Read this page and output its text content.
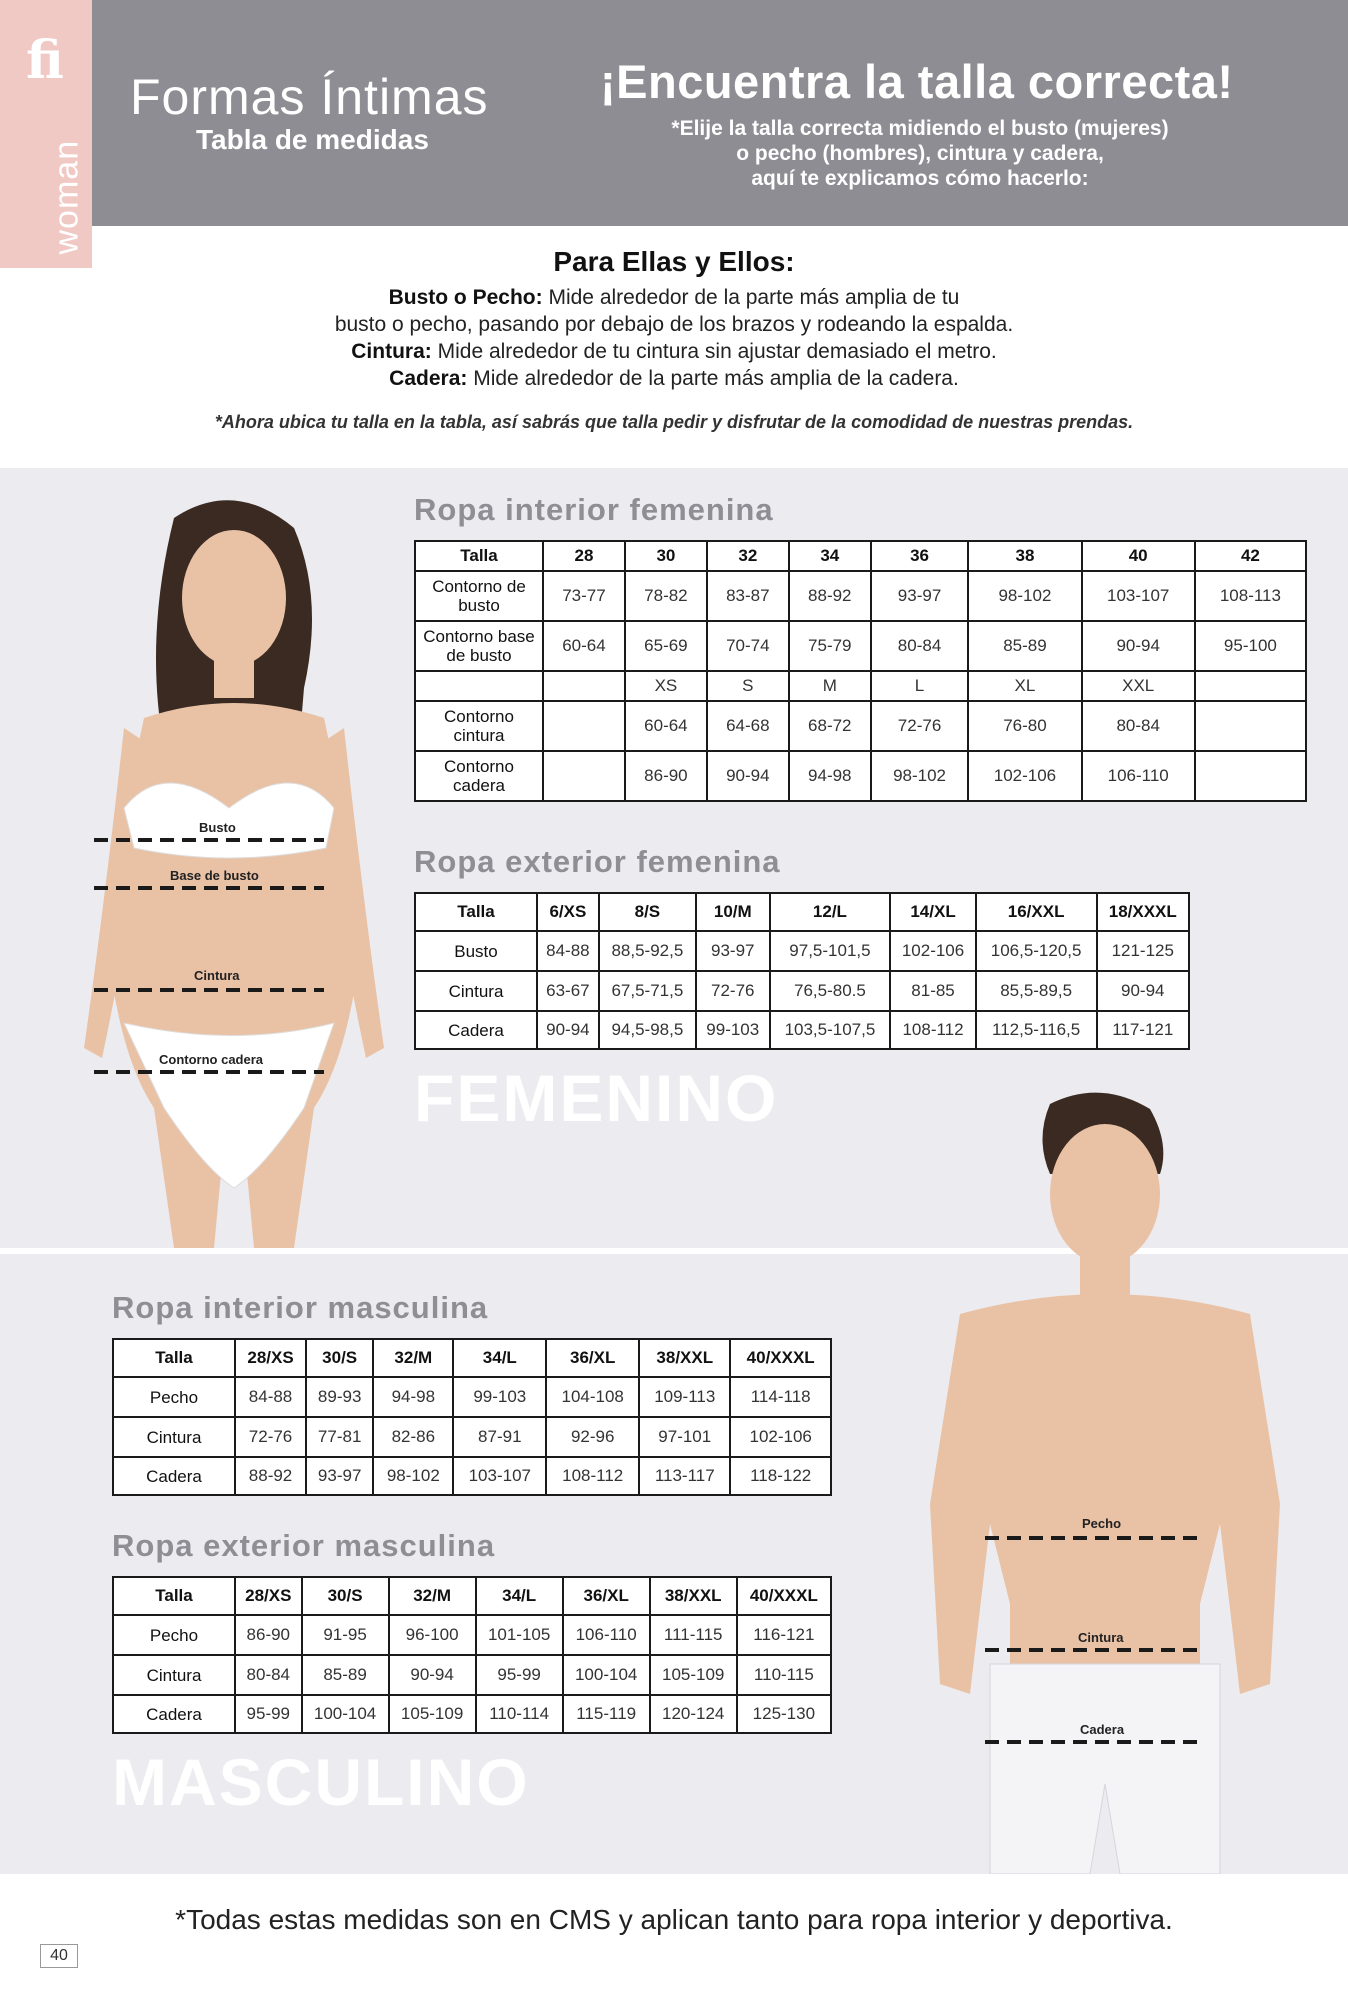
fi
woman
Formas Íntimas
Tabla de medidas
¡Encuentra la talla correcta!
*Elije la talla correcta midiendo el busto (mujeres)
o pecho (hombres), cintura y cadera,
aquí te explicamos cómo hacerlo:
Para Ellas y Ellos:
Busto o Pecho: Mide alrededor de la parte más amplia de tu
busto o pecho, pasando por debajo de los brazos y rodeando la espalda.
Cintura: Mide alrededor de tu cintura sin ajustar demasiado el metro.
Cadera: Mide alrededor de la parte más amplia de la cadera.
*Ahora ubica tu talla en la tabla, así sabrás que talla pedir y disfrutar de la comodidad de nuestras prendas.
Busto
Base de busto
Cintura
Contorno cadera
Ropa interior femenina
Talla	28	30	32	34	36	38	40	42
Contorno de busto	73-77	78-82	83-87	88-92	93-97	98-102	103-107	108-113
Contorno base de busto	60-64	65-69	70-74	75-79	80-84	85-89	90-94	95-100
		XS	S	M	L	XL	XXL	
Contorno cintura		60-64	64-68	68-72	72-76	76-80	80-84	
Contorno cadera		86-90	90-94	94-98	98-102	102-106	106-110	
Ropa exterior femenina
Talla	6/XS	8/S	10/M	12/L	14/XL	16/XXL	18/XXXL
Busto	84-88	88,5-92,5	93-97	97,5-101,5	102-106	106,5-120,5	121-125
Cintura	63-67	67,5-71,5	72-76	76,5-80.5	81-85	85,5-89,5	90-94
Cadera	90-94	94,5-98,5	99-103	103,5-107,5	108-112	112,5-116,5	117-121
FEMENINO
Ropa interior masculina
Talla	28/XS	30/S	32/M	34/L	36/XL	38/XXL	40/XXXL
Pecho	84-88	89-93	94-98	99-103	104-108	109-113	114-118
Cintura	72-76	77-81	82-86	87-91	92-96	97-101	102-106
Cadera	88-92	93-97	98-102	103-107	108-112	113-117	118-122
Ropa exterior masculina
Talla	28/XS	30/S	32/M	34/L	36/XL	38/XXL	40/XXXL
Pecho	86-90	91-95	96-100	101-105	106-110	111-115	116-121
Cintura	80-84	85-89	90-94	95-99	100-104	105-109	110-115
Cadera	95-99	100-104	105-109	110-114	115-119	120-124	125-130
MASCULINO
Pecho
Cintura
Cadera
*Todas estas medidas son en CMS y aplican tanto para ropa interior y deportiva.
40
